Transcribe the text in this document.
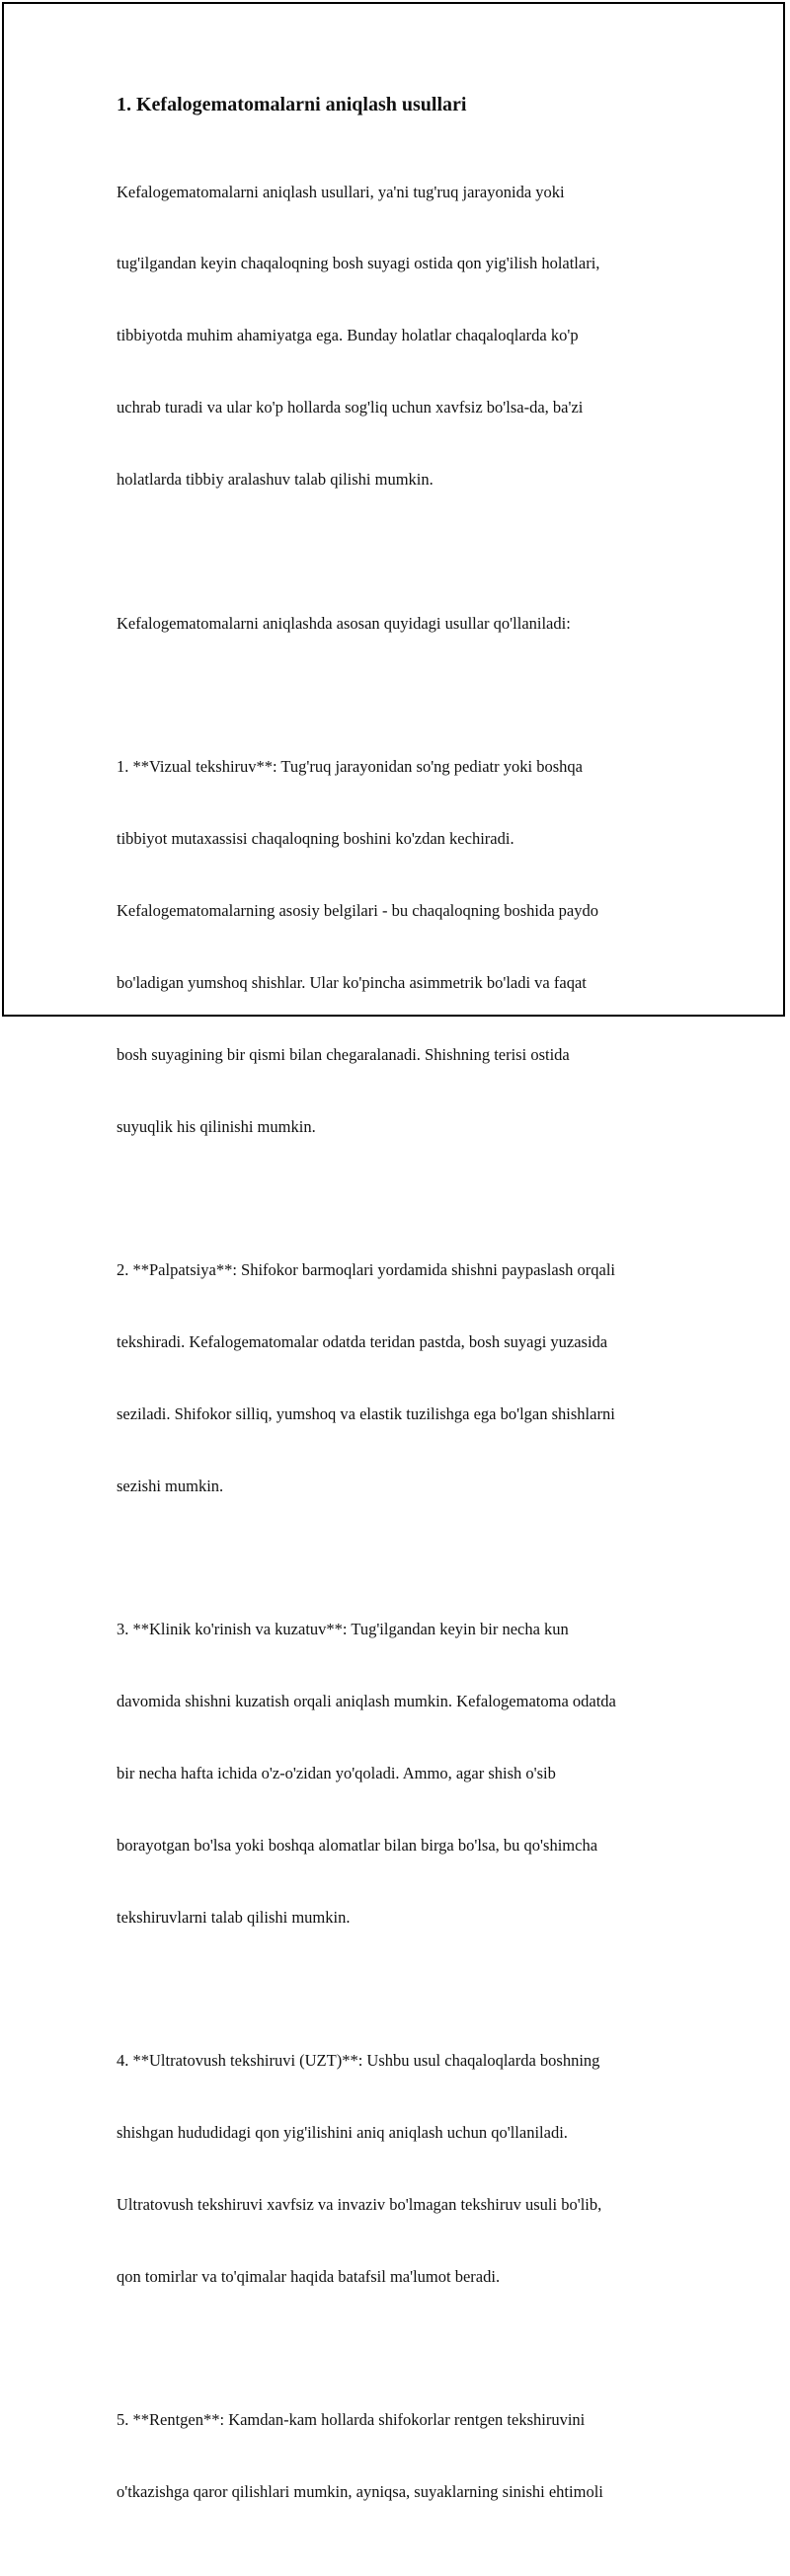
1. Kefalogematomalarni aniqlash usullari

Kefalogematomalarni aniqlash usullari, ya'ni tug'ruq jarayonida yoki

tug'ilgandan keyin chaqaloqning bosh suyagi ostida qon yig'ilish holatlari,

tibbiyotda muhim ahamiyatga ega. Bunday holatlar chaqaloqlarda ko'p

uchrab turadi va ular ko'p hollarda sog'liq uchun xavfsiz bo'lsa-da, ba'zi

holatlarda tibbiy aralashuv talab qilishi mumkin.

Kefalogematomalarni aniqlashda asosan quyidagi usullar qo'llaniladi:

1. **Vizual tekshiruv**: Tug'ruq jarayonidan so'ng pediatr yoki boshqa

tibbiyot mutaxassisi chaqaloqning boshini ko'zdan kechiradi.

Kefalogematomalarning asosiy belgilari - bu chaqaloqning boshida paydo

bo'ladigan yumshoq shishlar. Ular ko'pincha asimmetrik bo'ladi va faqat

bosh suyagining bir qismi bilan chegaralanadi. Shishning terisi ostida

suyuqlik his qilinishi mumkin.

2. **Palpatsiya**: Shifokor barmoqlari yordamida shishni paypaslash orqali

tekshiradi. Kefalogematomalar odatda teridan pastda, bosh suyagi yuzasida

seziladi. Shifokor silliq, yumshoq va elastik tuzilishga ega bo'lgan shishlarni

sezishi mumkin.

3. **Klinik ko'rinish va kuzatuv**: Tug'ilgandan keyin bir necha kun

davomida shishni kuzatish orqali aniqlash mumkin. Kefalogematoma odatda

bir necha hafta ichida o'z-o'zidan yo'qoladi. Ammo, agar shish o'sib

borayotgan bo'lsa yoki boshqa alomatlar bilan birga bo'lsa, bu qo'shimcha

tekshiruvlarni talab qilishi mumkin.

4. **Ultratovush tekshiruvi (UZT)**: Ushbu usul chaqaloqlarda boshning

shishgan hududidagi qon yig'ilishini aniq aniqlash uchun qo'llaniladi.

Ultratovush tekshiruvi xavfsiz va invaziv bo'lmagan tekshiruv usuli bo'lib,

qon tomirlar va to'qimalar haqida batafsil ma'lumot beradi.

5. **Rentgen**: Kamdan-kam hollarda shifokorlar rentgen tekshiruvini

o'tkazishga qaror qilishlari mumkin, ayniqsa, suyaklarning sinishi ehtimoli
